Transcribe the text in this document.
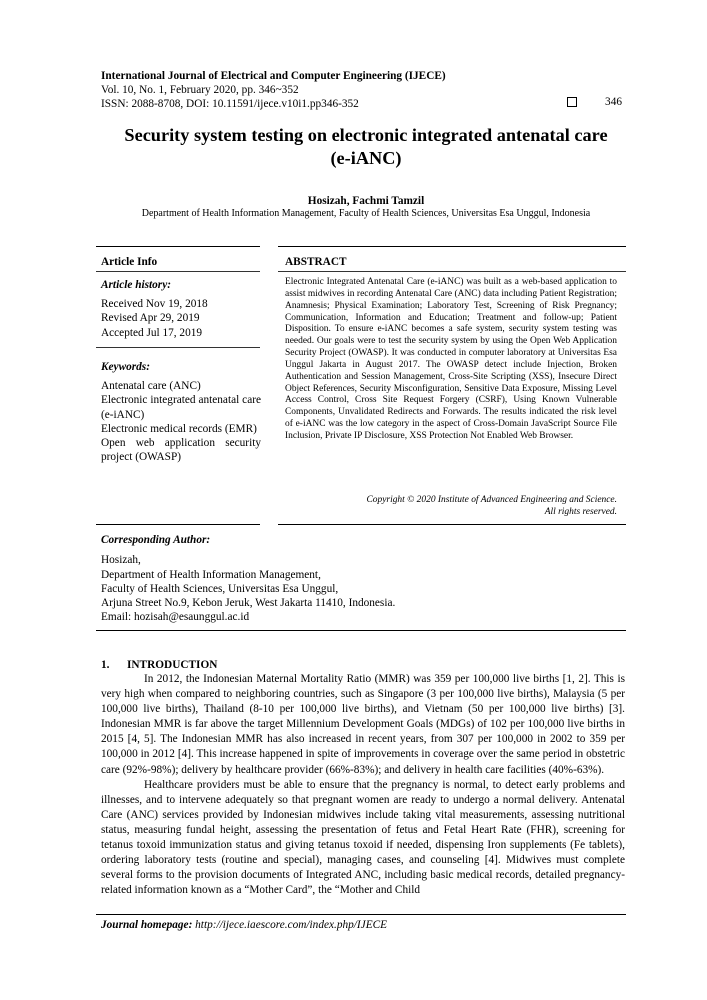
International Journal of Electrical and Computer Engineering (IJECE)
Vol. 10, No. 1, February 2020, pp. 346~352
ISSN: 2088-8708, DOI: 10.11591/ijece.v10i1.pp346-352	346
Security system testing on electronic integrated antenatal care
(e-iANC)
Hosizah, Fachmi Tamzil
Department of Health Information Management, Faculty of Health Sciences, Universitas Esa Unggul, Indonesia
Article Info	ABSTRACT
Article history:
Received Nov 19, 2018
Revised Apr 29, 2019
Accepted Jul 17, 2019
Keywords:
Antenatal care (ANC)
Electronic integrated antenatal care (e-iANC)
Electronic medical records (EMR)
Open web application security project (OWASP)
Electronic Integrated Antenatal Care (e-iANC) was built as a web-based application to assist midwives in recording Antenatal Care (ANC) data including Patient Registration; Anamnesis; Physical Examination; Laboratory Test, Screening of Risk Pregnancy; Communication, Information and Education; Treatment and follow-up; Patient Disposition. To ensure e-iANC becomes a safe system, security system testing was needed. Our goals were to test the security system by using the Open Web Application Security Project (OWASP). It was conducted in computer laboratory at Universitas Esa Unggul Jakarta in August 2017. The OWASP detect include Injection, Broken Authentication and Session Management, Cross-Site Scripting (XSS), Insecure Direct Object References, Security Misconfiguration, Sensitive Data Exposure, Missing Level Access Control, Cross Site Request Forgery (CSRF), Using Known Vulnerable Components, Unvalidated Redirects and Forwards. The results indicated the risk level of e-iANC was the low category in the aspect of Cross-Domain JavaScript Source File Inclusion, Private IP Disclosure, XSS Protection Not Enabled Web Browser.
Copyright © 2020 Institute of Advanced Engineering and Science.
All rights reserved.
Corresponding Author:
Hosizah,
Department of Health Information Management,
Faculty of Health Sciences, Universitas Esa Unggul,
Arjuna Street No.9, Kebon Jeruk, West Jakarta 11410, Indonesia.
Email: hozisah@esaunggul.ac.id
1. INTRODUCTION

In 2012, the Indonesian Maternal Mortality Ratio (MMR) was 359 per 100,000 live births [1, 2]. This is very high when compared to neighboring countries, such as Singapore (3 per 100,000 live births), Malaysia (5 per 100,000 live births), Thailand (8-10 per 100,000 live births), and Vietnam (50 per 100,000 live births) [3]. Indonesian MMR is far above the target Millennium Development Goals (MDGs) of 102 per 100,000 live births in 2015 [4, 5]. The Indonesian MMR has also increased in recent years, from 307 per 100,000 in 2002 to 359 per 100,000 in 2012 [4]. This increase happened in spite of improvements in coverage over the same period in obstetric care (92%-98%); delivery by healthcare provider (66%-83%); and delivery in health care facilities (40%-63%).

Healthcare providers must be able to ensure that the pregnancy is normal, to detect early problems and illnesses, and to intervene adequately so that pregnant women are ready to undergo a normal delivery. Antenatal Care (ANC) services provided by Indonesian midwives include taking vital measurements, assessing nutritional status, measuring fundal height, assessing the presentation of fetus and Fetal Heart Rate (FHR), screening for tetanus toxoid immunization status and giving tetanus toxoid if needed, dispensing Iron supplements (Fe tablets), ordering laboratory tests (routine and special), managing cases, and counseling [4]. Midwives must complete several forms to the provision documents of Integrated ANC, including basic medical records, detailed pregnancy-related information known as a “Mother Card”, the “Mother and Child

Journal homepage: http://ijece.iaescore.com/index.php/IJECE
